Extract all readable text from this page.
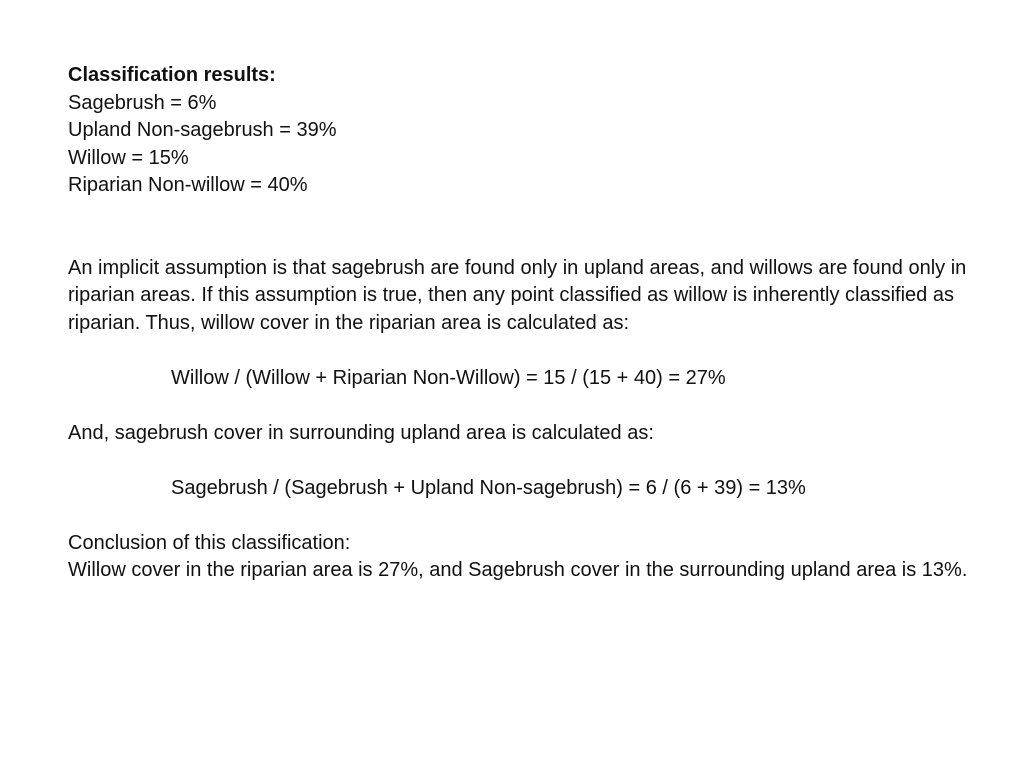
Classification results:
Sagebrush = 6%
Upland Non-sagebrush = 39%
Willow = 15%
Riparian Non-willow = 40%
An implicit assumption is that sagebrush are found only in upland areas, and willows are found only in riparian areas. If this assumption is true, then any point classified as willow is inherently classified as riparian. Thus, willow cover in the riparian area is calculated as:
Willow / (Willow + Riparian Non-Willow) = 15 / (15 + 40) = 27%
And, sagebrush cover in surrounding upland area is calculated as:
Sagebrush / (Sagebrush + Upland Non-sagebrush) = 6 / (6 + 39) = 13%
Conclusion of this classification:
Willow cover in the riparian area is 27%, and Sagebrush cover in the surrounding upland area is 13%.
